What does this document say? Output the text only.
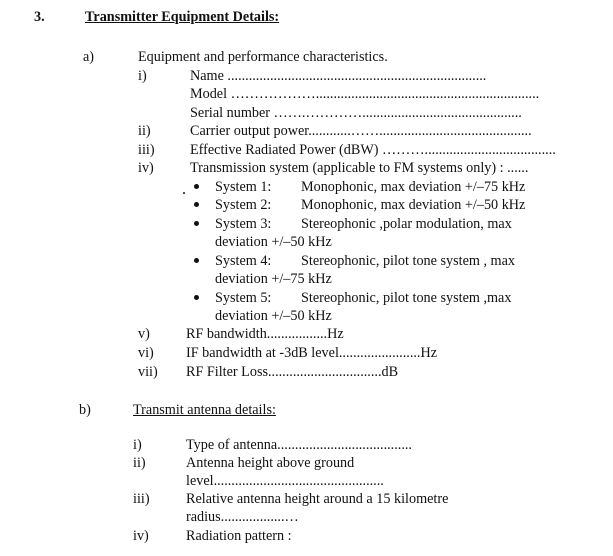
3.	Transmitter Equipment Details:
a)	Equipment and performance characteristics.
i)	Name .........................................................................
Model ………………...............................................................
Serial number …….………….............................................
ii)	Carrier output power............……...........................................
iii) Effective Radiated Power (dBW) ……….....................................
iv)	Transmission system (applicable to FM systems only) : ......
System 1: Monophonic, max deviation +/–75 kHz
System 2: Monophonic, max deviation +/–50 kHz
System 3: Stereophonic ,polar modulation, max
deviation +/–50 kHz
System 4: Stereophonic, pilot tone system , max
deviation +/–75 kHz
System 5: Stereophonic, pilot tone system ,max
deviation +/–50 kHz
v)	RF bandwidth.................Hz
vi) IF bandwidth at -3dB level.......................Hz
vii) RF Filter Loss................................dB
b)	Transmit antenna details:
i)	Type of antenna......................................
ii)	Antenna height above ground
level................................................
iii)	Relative antenna height around a 15 kilometre
radius..................…
iv)	Radiation pattern :
